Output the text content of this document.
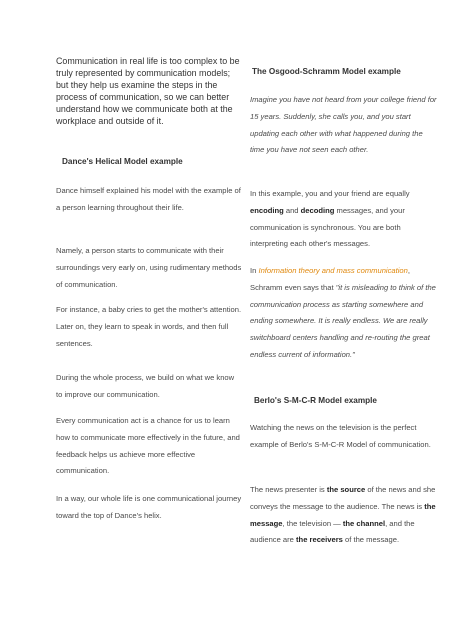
Communication in real life is too complex to be truly represented by communication models; but they help us examine the steps in the process of communication, so we can better understand how we communicate both at the workplace and outside of it.

Dance's Helical Model example

Dance himself explained his model with the example of a person learning throughout their life.

Namely, a person starts to communicate with their surroundings very early on, using rudimentary methods of communication.

For instance, a baby cries to get the mother's attention. Later on, they learn to speak in words, and then full sentences.

During the whole process, we build on what we know to improve our communication.

Every communication act is a chance for us to learn how to communicate more effectively in the future, and feedback helps us achieve more effective communication.

In a way, our whole life is one communicational journey toward the top of Dance's helix.

The Osgood-Schramm Model example

Imagine you have not heard from your college friend for 15 years. Suddenly, she calls you, and you start updating each other with what happened during the time you have not seen each other.

In this example, you and your friend are equally encoding and decoding messages, and your communication is synchronous. You are both interpreting each other's messages.

In Information theory and mass communication, Schramm even says that "it is misleading to think of the communication process as starting somewhere and ending somewhere. It is really endless. We are really switchboard centers handling and re-routing the great endless current of information."

Berlo's S-M-C-R Model example

Watching the news on the television is the perfect example of Berlo's S-M-C-R Model of communication.

The news presenter is the source of the news and she conveys the message to the audience. The news is the message, the television — the channel, and the audience are the receivers of the message.
